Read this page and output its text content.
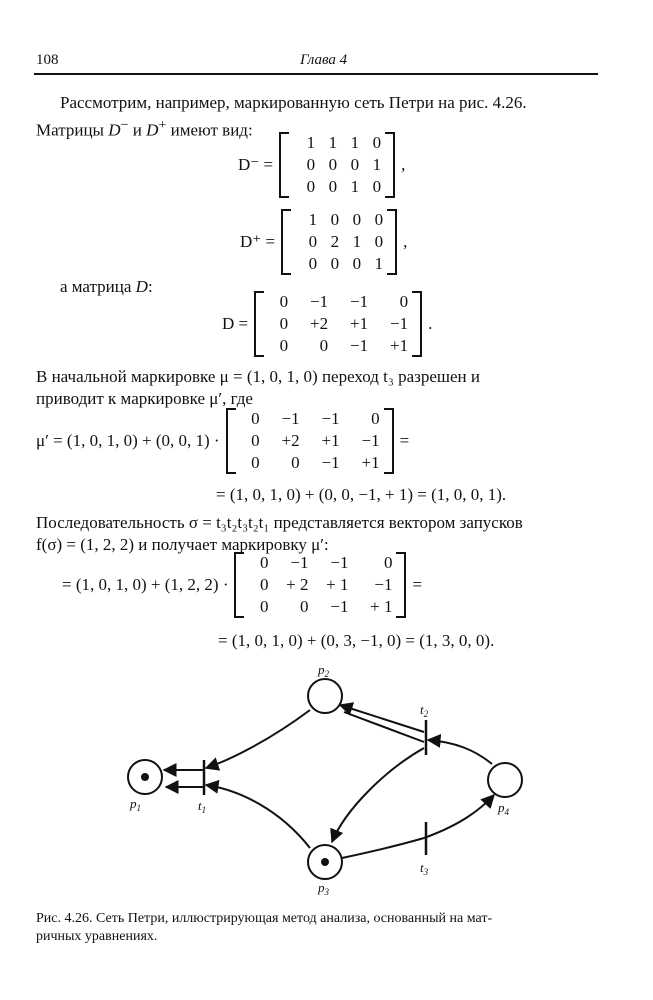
108	Глава 4
Рассмотрим, например, маркированную сеть Петри на рис. 4.26.
Матрицы D− и D+ имеют вид:
D⁻ =
1 1 1 0
0 0 0 1
0 0 1 0
,
D⁺ =
1 0 0 0
0 2 1 0
0 0 0 1
,
а матрица D:
D =
0	−1	−1	0
0	+2	+1	−1
0	0	−1	+1
.
В начальной маркировке μ = (1, 0, 1, 0) переход t₃ разрешен и
приводит к маркировке μ′, где
μ′ = (1, 0, 1, 0) + (0, 0, 1) ·
0	−1	−1	0
0	+2	+1	−1
0	0	−1	+1
=
= (1, 0, 1, 0) + (0, 0, −1, + 1) = (1, 0, 0, 1).
Последовательность σ = t₃t₂t₃t₂t₁ представляется вектором запусков
f(σ) = (1, 2, 2) и получает маркировку μ′:
= (1, 0, 1, 0) + (1, 2, 2) ·
0	−1	−1	0
0	+ 2	+ 1	−1
0	0	−1	+ 1
=
= (1, 0, 1, 0) + (0, 3, −1, 0) = (1, 3, 0, 0).
$p_2$
$p_1$	$p_4$
$p_3$
$t_1$
$t_2$
$t_3$
Рис. 4.26. Сеть Петри, иллюстрирующая метод анализа, основанный на мат-
ричных уравнениях.
